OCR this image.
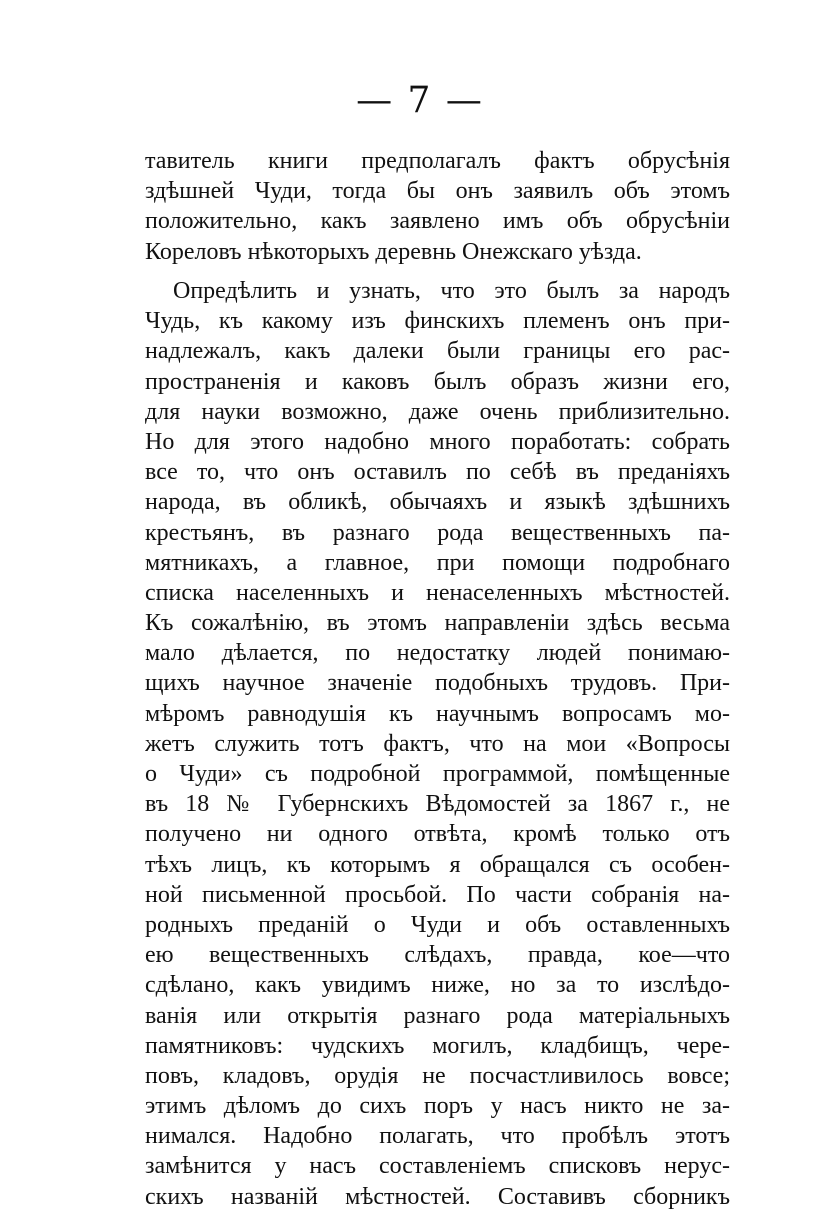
— 7 —
тавитель книги предполагалъ фактъ обрусѣнія
здѣшней Чуди, тогда бы онъ заявилъ объ этомъ
положительно, какъ заявлено имъ объ обрусѣніи
Кореловъ нѣкоторыхъ деревнь Онежскаго уѣзда.
Опредѣлить и узнать, что это былъ за народъ
Чудь, къ какому изъ финскихъ племенъ онъ при-
надлежалъ, какъ далеки были границы его рас-
пространенія и каковъ былъ образъ жизни его,
для науки возможно, даже очень приблизительно.
Но для этого надобно много поработать: собрать
все то, что онъ оставилъ по себѣ въ преданіяхъ
народа, въ обликѣ, обычаяхъ и языкѣ здѣшнихъ
крестьянъ, въ разнаго рода вещественныхъ па-
мятникахъ, а главное, при помощи подробнаго
списка населенныхъ и ненаселенныхъ мѣстностей.
Къ сожалѣнію, въ этомъ направленіи здѣсь весьма
мало дѣлается, по недостатку людей понимаю-
щихъ научное значеніе подобныхъ трудовъ. При-
мѣромъ равнодушія къ научнымъ вопросамъ мо-
жетъ служить тотъ фактъ, что на мои «Вопросы
о Чуди» съ подробной программой, помѣщенные
въ 18 № Губернскихъ Вѣдомостей за 1867 г., не
получено ни одного отвѣта, кромѣ только отъ
тѣхъ лицъ, къ которымъ я обращался съ особен-
ной письменной просьбой. По части собранія на-
родныхъ преданій о Чуди и объ оставленныхъ
ею вещественныхъ слѣдахъ, правда, кое—что
сдѣлано, какъ увидимъ ниже, но за то изслѣдо-
ванія или открытія разнаго рода матеріальныхъ
памятниковъ: чудскихъ могилъ, кладбищъ, чере-
повъ, кладовъ, орудія не посчастливилось вовсе;
этимъ дѣломъ до сихъ поръ у насъ никто не за-
нимался. Надобно полагать, что пробѣлъ этотъ
замѣнится у насъ составленіемъ списковъ нерус-
скихъ названій мѣстностей. Составивъ сборникъ
